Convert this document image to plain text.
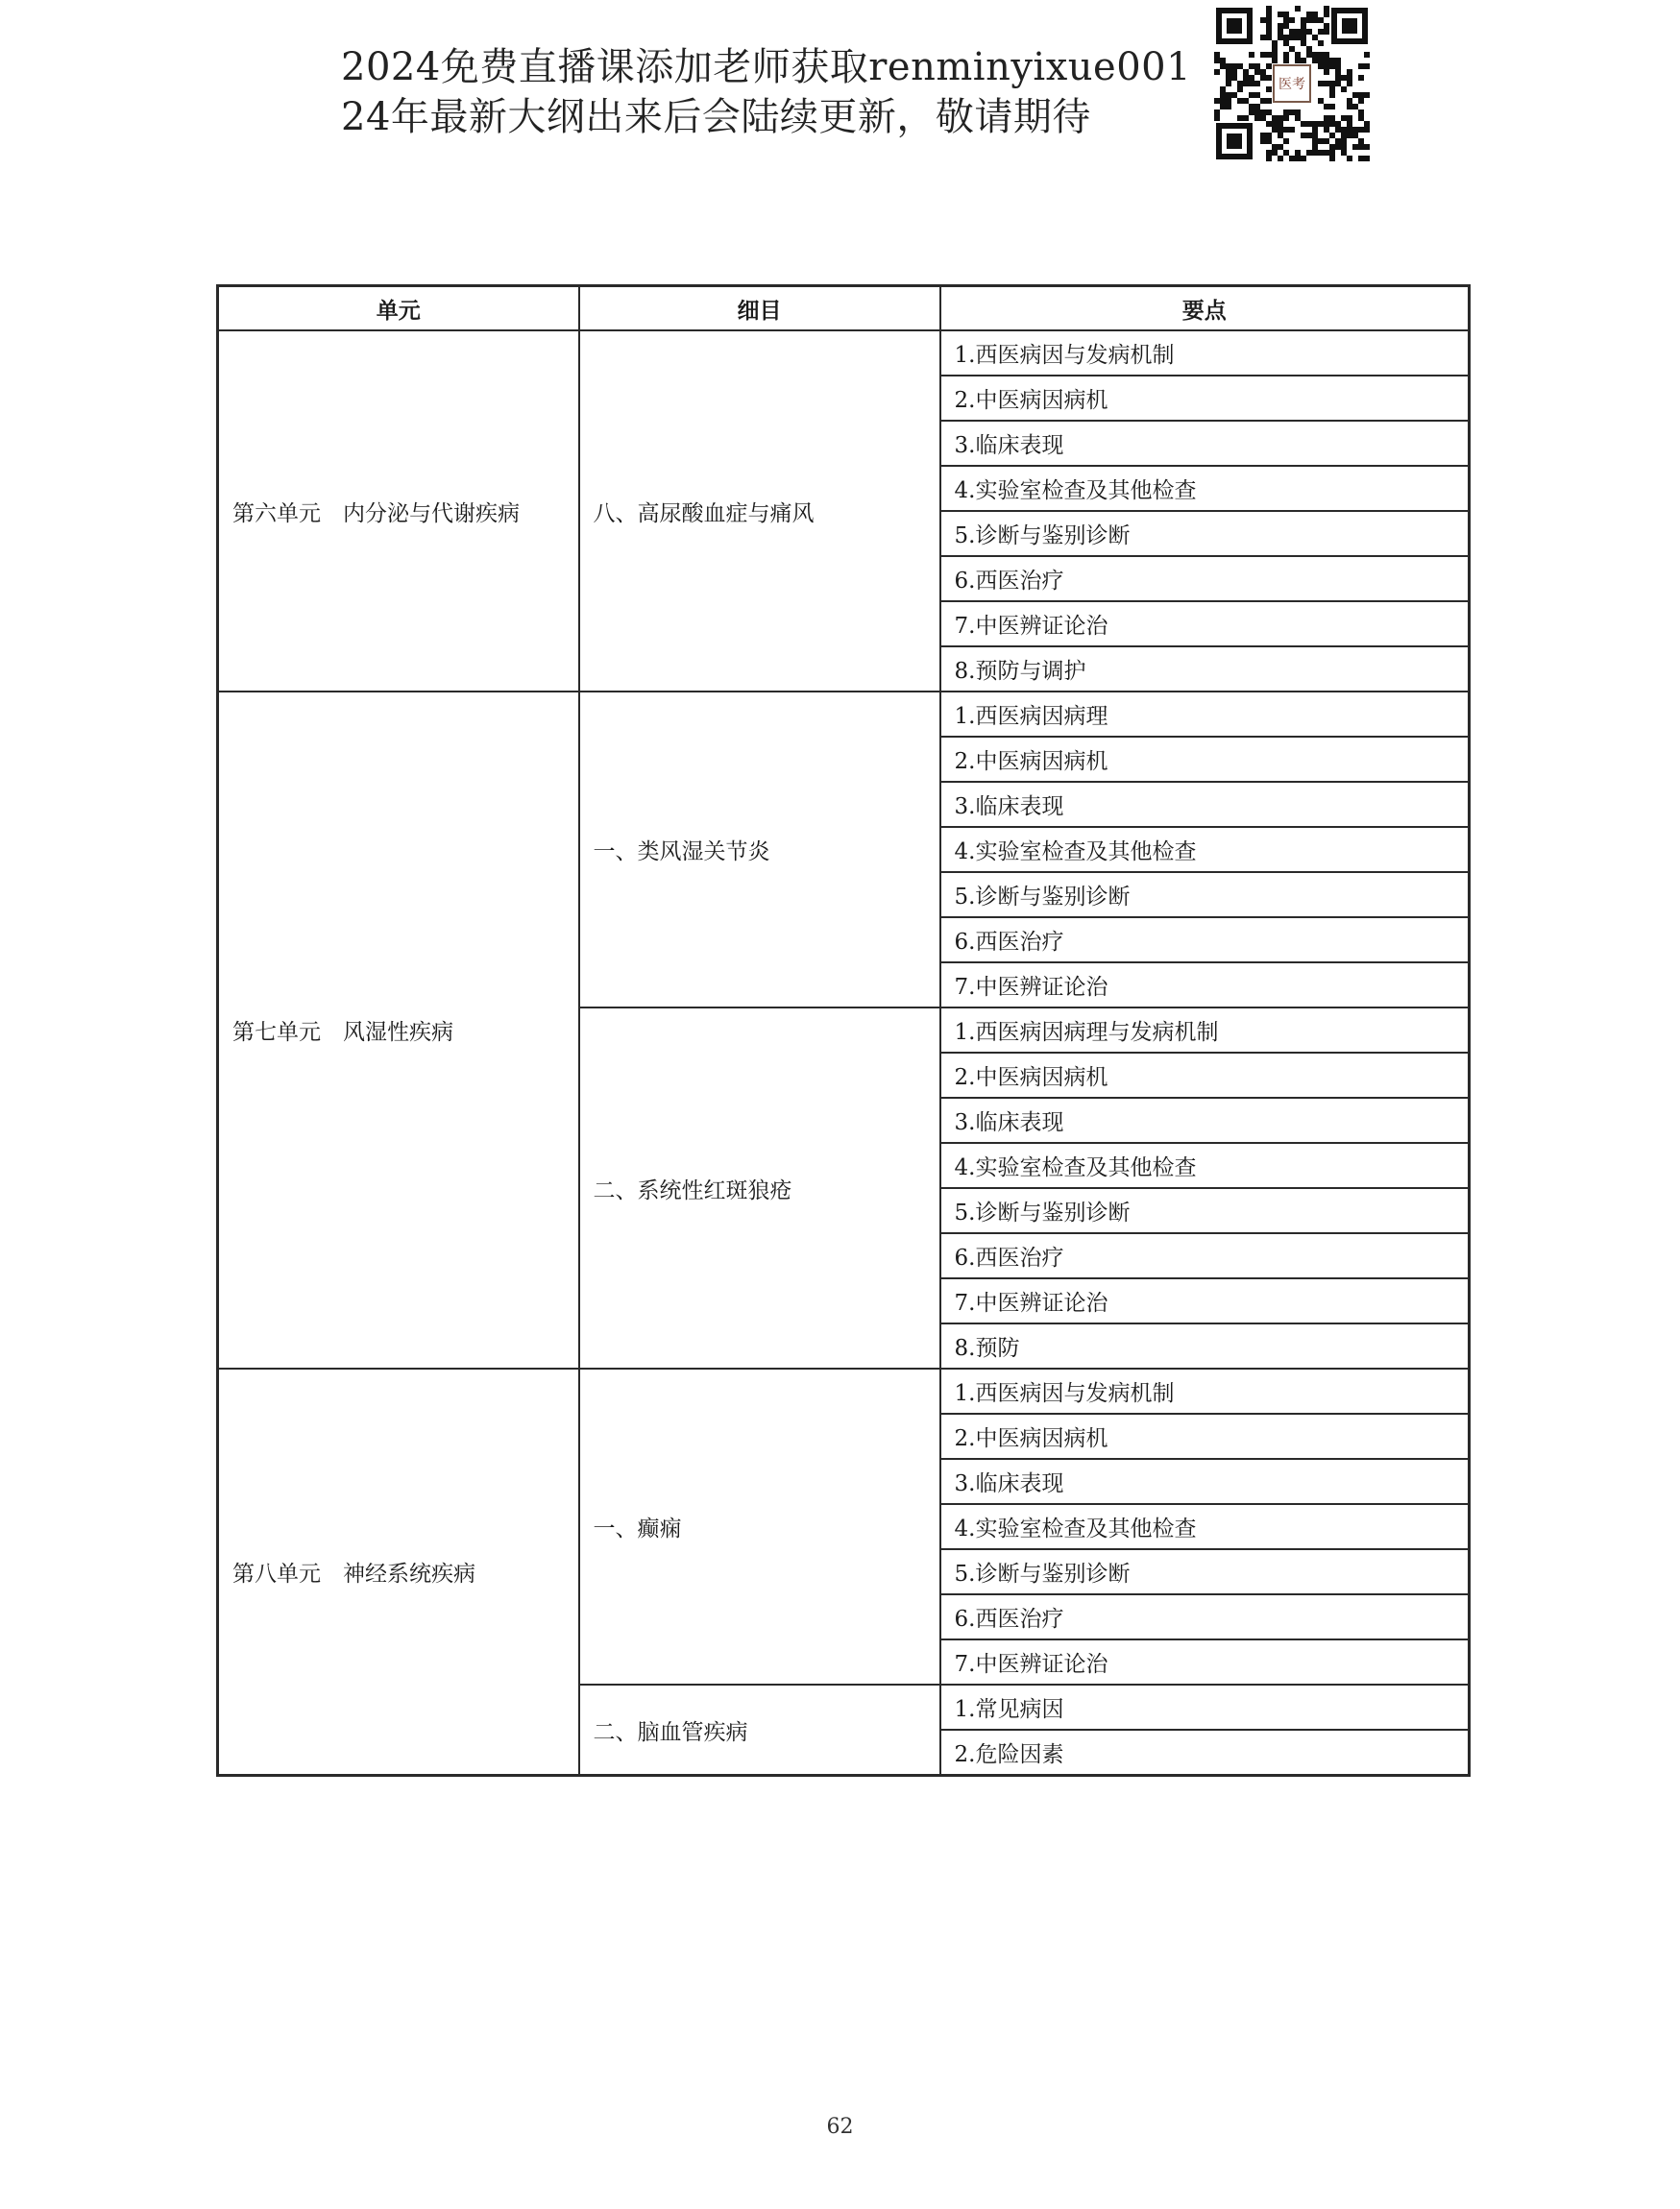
2024免费直播课添加老师获取renminyixue001
24年最新大纲出来后会陆续更新，敬请期待
医考
单元	细目	要点
第六单元　内分泌与代谢疾病	八、高尿酸血症与痛风	1.西医病因与发病机制
		2.中医病因病机
		3.临床表现
		4.实验室检查及其他检查
		5.诊断与鉴别诊断
		6.西医治疗
		7.中医辨证论治
		8.预防与调护
第七单元　风湿性疾病	一、类风湿关节炎	1.西医病因病理
		2.中医病因病机
		3.临床表现
		4.实验室检查及其他检查
		5.诊断与鉴别诊断
		6.西医治疗
		7.中医辨证论治
	二、系统性红斑狼疮	1.西医病因病理与发病机制
		2.中医病因病机
		3.临床表现
		4.实验室检查及其他检查
		5.诊断与鉴别诊断
		6.西医治疗
		7.中医辨证论治
		8.预防
第八单元　神经系统疾病	一、癫痫	1.西医病因与发病机制
		2.中医病因病机
		3.临床表现
		4.实验室检查及其他检查
		5.诊断与鉴别诊断
		6.西医治疗
		7.中医辨证论治
	二、脑血管疾病	1.常见病因
		2.危险因素
62
